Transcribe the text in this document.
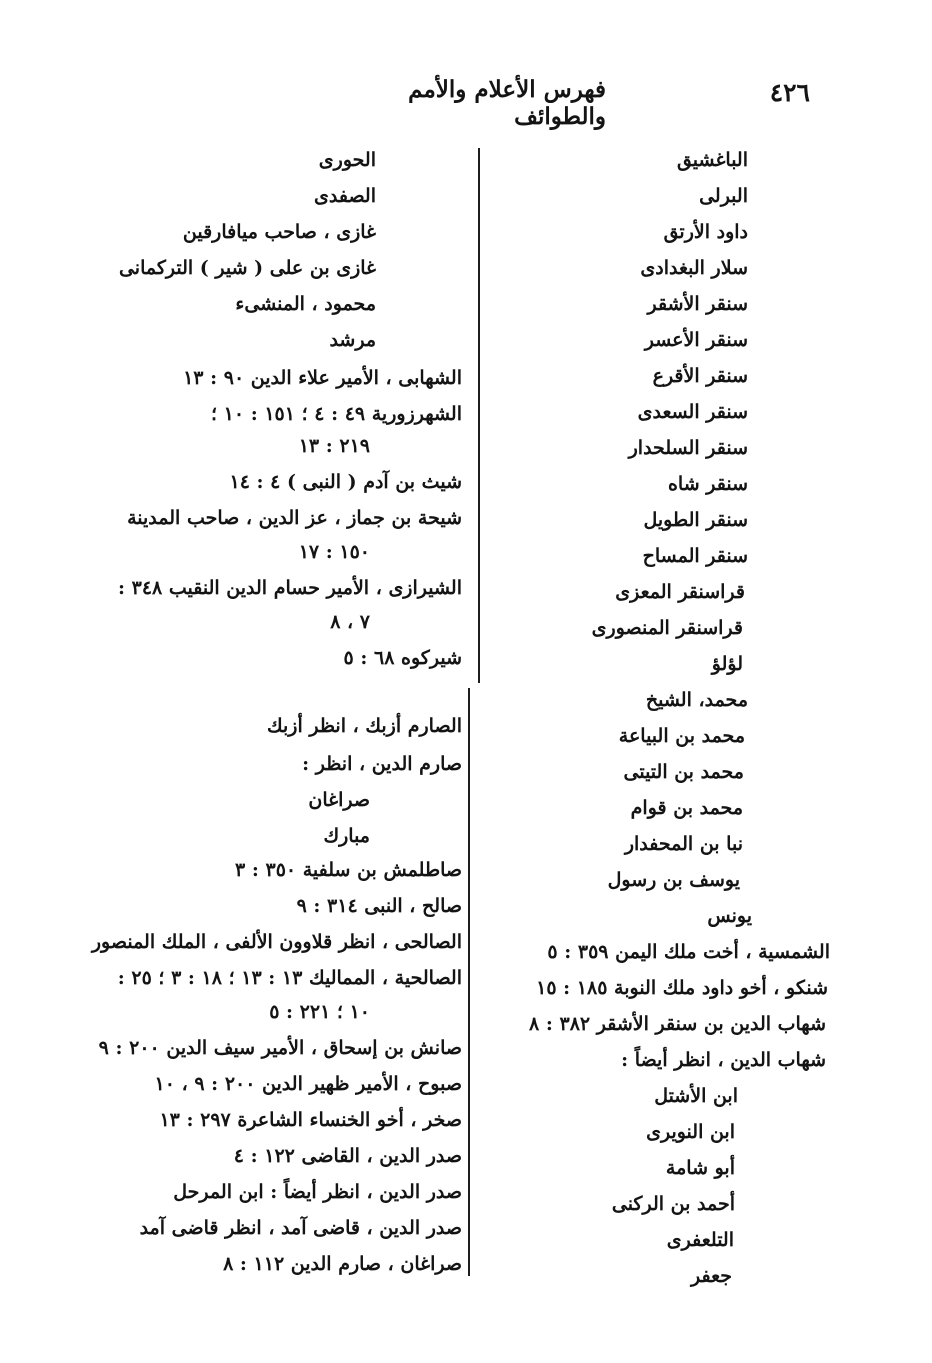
فهرس الأعلام والأمم والطوائف
٤٢٦
الباغشيق
البرلى
داود الأرتق
سلار البغدادى
سنقر الأشقر
سنقر الأعسر
سنقر الأقرع
سنقر السعدى
سنقر السلحدار
سنقر شاه
سنقر الطويل
سنقر المساح
قراسنقر المعزى
قراسنقر المنصورى
لؤلؤ
محمد، الشيخ
محمد بن البياعة
محمد بن التيتى
محمد بن قوام
نبا بن المحفدار
يوسف بن رسول
يونس
الشمسية ، أخت ملك اليمن ٣٥٩ : ٥
شنكو ، أخو داود ملك النوبة ١٨٥ : ١٥
شهاب الدين بن سنقر الأشقر ٣٨٢ : ٨
شهاب الدين ، انظر أيضاً :
ابن الأشتل
ابن النويرى
أبو شامة
أحمد بن الركنى
التلعفرى
جعفر
الحورى
الصفدى
غازى ، صاحب ميافارقين
غازى بن على ( شير ) التركمانى
محمود ، المنشىء
مرشد
الشهابى ، الأمير علاء الدين ٩٠ : ١٣
الشهرزورية ٤٩ : ٤ ؛ ١٥١ : ١٠ ؛
٢١٩ : ١٣
شيث بن آدم ( النبى ) ٤ : ١٤
شيحة بن جماز ، عز الدين ، صاحب المدينة
١٥٠ : ١٧
الشيرازى ، الأمير حسام الدين النقيب ٣٤٨ :
٧ ، ٨
شيركوه ٦٨ : ٥
الصارم أزبك ، انظر أزبك
صارم الدين ، انظر :
صراغان
مبارك
صاطلمش بن سلفية ٣٥٠ : ٣
صالح ، النبى ٣١٤ : ٩
الصالحى ، انظر قلاوون الألفى ، الملك المنصور
الصالحية ، المماليك ١٣ : ١٣ ؛ ١٨ : ٣ ؛ ٢٥ :
١٠ ؛ ٢٢١ : ٥
صانش بن إسحاق ، الأمير سيف الدين ٢٠٠ : ٩
صبوح ، الأمير ظهير الدين ٢٠٠ : ٩ ، ١٠
صخر ، أخو الخنساء الشاعرة ٢٩٧ : ١٣
صدر الدين ، القاضى ١٢٢ : ٤
صدر الدين ، انظر أيضاً : ابن المرحل
صدر الدين ، قاضى آمد ، انظر قاضى آمد
صراغان ، صارم الدين ١١٢ : ٨
